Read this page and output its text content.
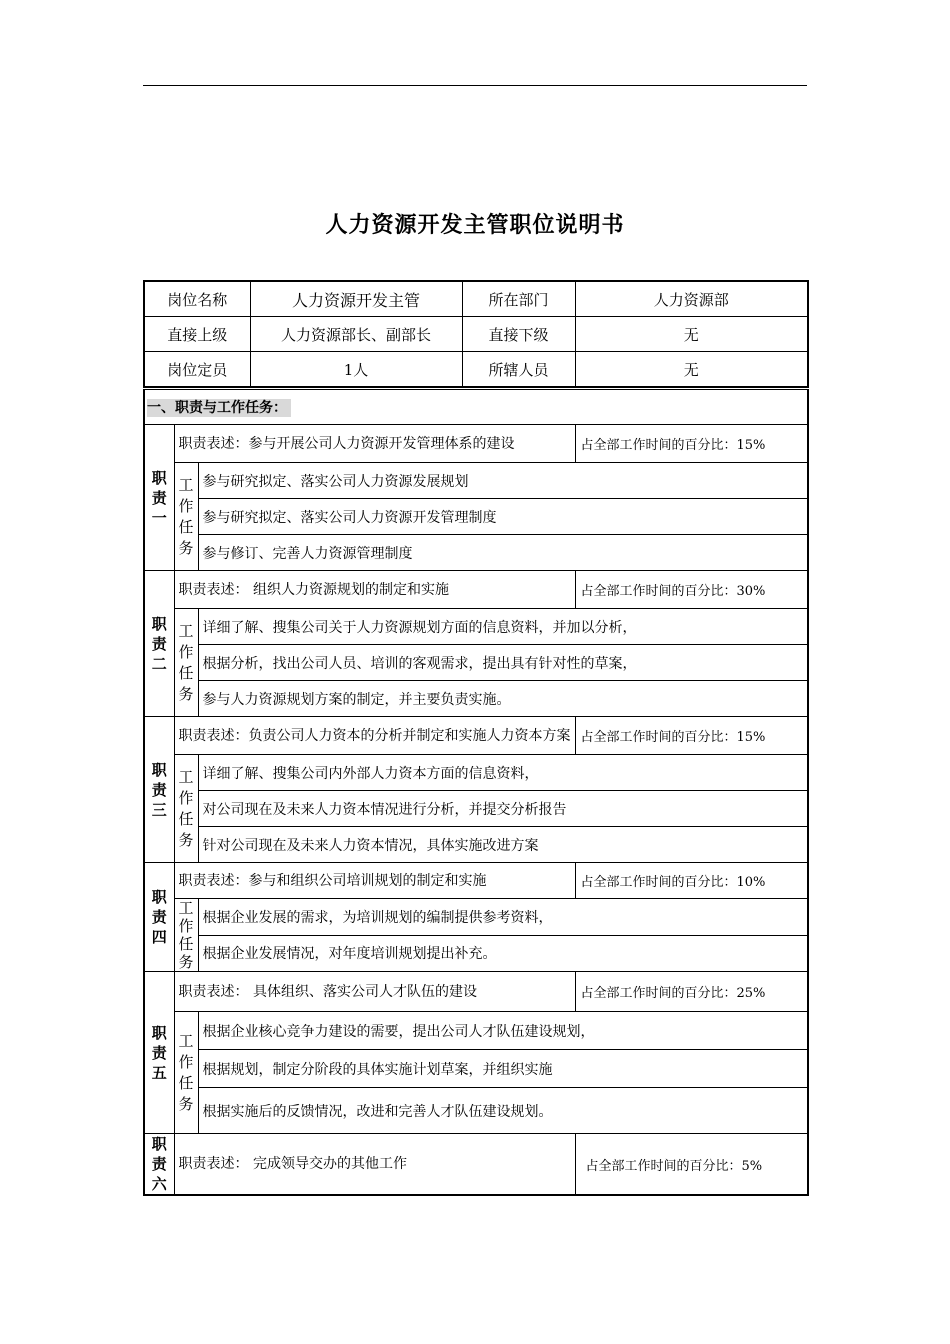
人力资源开发主管职位说明书
岗位名称	人力资源开发主管	所在部门	人力资源部
直接上级	人力资源部长、副部长	直接下级	无
岗位定员	1人	所辖人员	无
一、职责与工作任务：			
职责一	职责表述：参与开展公司人力资源开发管理体系的建设		占全部工作时间的百分比：15%
	工作任务	参与研究拟定、落实公司人力资源发展规划	
		参与研究拟定、落实公司人力资源开发管理制度	
		参与修订、完善人力资源管理制度	
职责二	职责表述： 组织人力资源规划的制定和实施		占全部工作时间的百分比：30%
	工作任务	详细了解、搜集公司关于人力资源规划方面的信息资料，并加以分析，	
		根据分析，找出公司人员、培训的客观需求，提出具有针对性的草案，	
		参与人力资源规划方案的制定，并主要负责实施。	
职责三	职责表述：负责公司人力资本的分析并制定和实施人力资本方案		占全部工作时间的百分比：15%
	工作任务	详细了解、搜集公司内外部人力资本方面的信息资料，	
		对公司现在及未来人力资本情况进行分析，并提交分析报告	
		针对公司现在及未来人力资本情况，具体实施改进方案	
职责四	职责表述：参与和组织公司培训规划的制定和实施		占全部工作时间的百分比：10%
	工作任务	根据企业发展的需求，为培训规划的编制提供参考资料，	
		根据企业发展情况，对年度培训规划提出补充。	
职责五	职责表述： 具体组织、落实公司人才队伍的建设		占全部工作时间的百分比：25%
	工作任务	根据企业核心竞争力建设的需要，提出公司人才队伍建设规划，	
		根据规划，制定分阶段的具体实施计划草案，并组织实施	
		根据实施后的反馈情况，改进和完善人才队伍建设规划。	
职责六	职责表述： 完成领导交办的其他工作		占全部工作时间的百分比：5%
